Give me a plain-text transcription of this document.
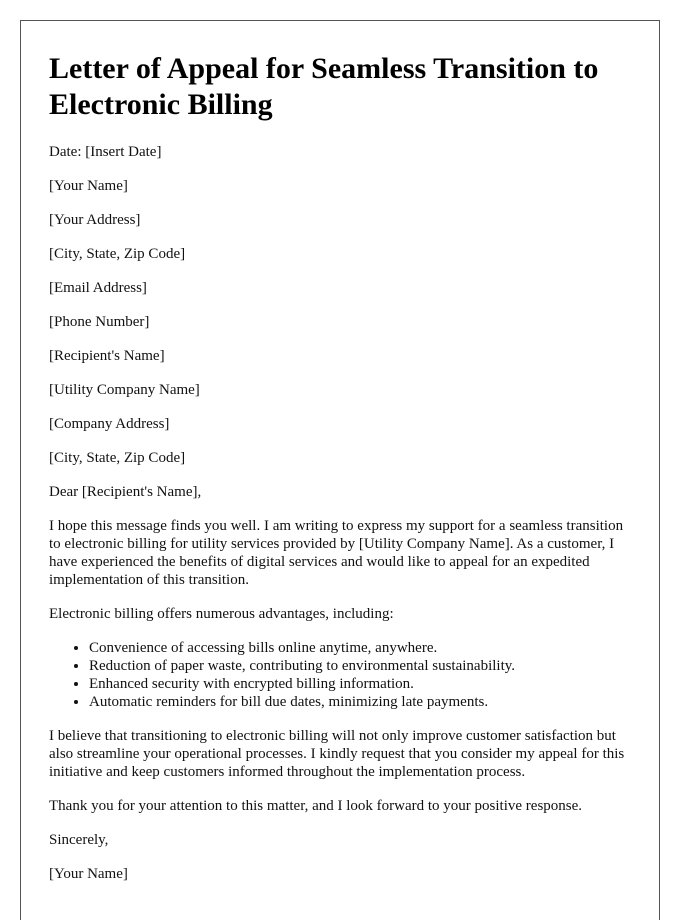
Letter of Appeal for Seamless Transition to Electronic Billing

Date: [Insert Date]

[Your Name]

[Your Address]

[City, State, Zip Code]

[Email Address]

[Phone Number]

[Recipient's Name]

[Utility Company Name]

[Company Address]

[City, State, Zip Code]

Dear [Recipient's Name],

I hope this message finds you well. I am writing to express my support for a seamless transition to electronic billing for utility services provided by [Utility Company Name]. As a customer, I have experienced the benefits of digital services and would like to appeal for an expedited implementation of this transition.

Electronic billing offers numerous advantages, including:

• Convenience of accessing bills online anytime, anywhere.
• Reduction of paper waste, contributing to environmental sustainability.
• Enhanced security with encrypted billing information.
• Automatic reminders for bill due dates, minimizing late payments.

I believe that transitioning to electronic billing will not only improve customer satisfaction but also streamline your operational processes. I kindly request that you consider my appeal for this initiative and keep customers informed throughout the implementation process.

Thank you for your attention to this matter, and I look forward to your positive response.

Sincerely,

[Your Name]
